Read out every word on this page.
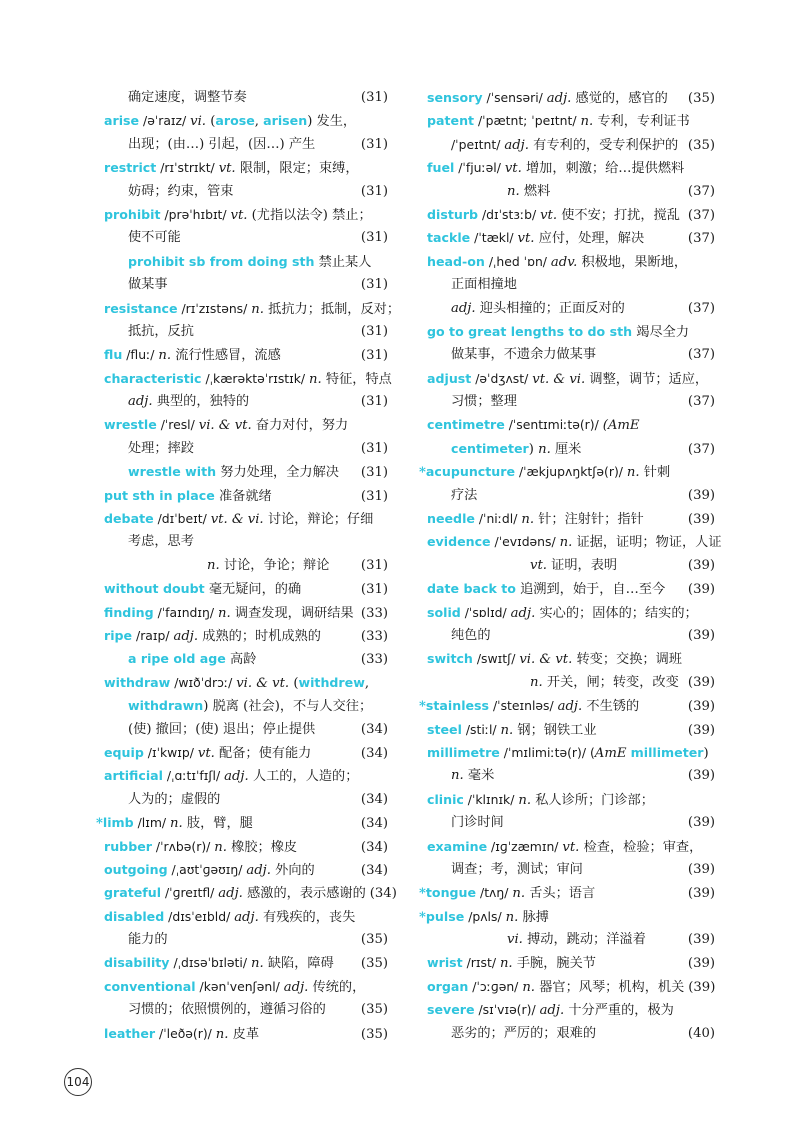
确定速度，调整节奏	(31)
arise /əˈraɪz/ vi. (arose, arisen) 发生，
出现；(由…) 引起，(因…) 产生	(31)
restrict /rɪˈstrɪkt/ vt. 限制，限定；束缚，
妨碍；约束，管束	(31)
prohibit /prəˈhɪbɪt/ vt. (尤指以法令) 禁止；
使不可能	(31)
prohibit sb from doing sth 禁止某人
做某事	(31)
resistance /rɪˈzɪstəns/ n. 抵抗力；抵制，反对；
抵抗，反抗	(31)
flu /fluː/ n. 流行性感冒，流感	(31)
characteristic /ˌkærəktəˈrɪstɪk/ n. 特征，特点
adj. 典型的，独特的	(31)
wrestle /ˈresl/ vi. & vt. 奋力对付，努力
处理；摔跤	(31)
wrestle with 努力处理，全力解决	(31)
put sth in place 准备就绪	(31)
debate /dɪˈbeɪt/ vt. & vi. 讨论，辩论；仔细
考虑，思考
n. 讨论，争论；辩论	(31)
without doubt 毫无疑问，的确	(31)
finding /ˈfaɪndɪŋ/ n. 调查发现，调研结果 (33)
ripe /raɪp/ adj. 成熟的；时机成熟的	(33)
a ripe old age 高龄	(33)
withdraw /wɪðˈdrɔː/ vi. & vt. (withdrew,
withdrawn) 脱离 (社会)，不与人交往；
(使) 撤回；(使) 退出；停止提供	(34)
equip /ɪˈkwɪp/ vt. 配备；使有能力	(34)
artificial /ˌɑːtɪˈfɪʃl/ adj. 人工的，人造的；
人为的；虚假的	(34)
*limb /lɪm/ n. 肢，臂，腿	(34)
rubber /ˈrʌbə(r)/ n. 橡胶；橡皮	(34)
outgoing /ˌaʊtˈɡəʊɪŋ/ adj. 外向的	(34)
grateful /ˈɡreɪtfl/ adj. 感激的，表示感谢的 (34)
disabled /dɪsˈeɪbld/ adj. 有残疾的，丧失
能力的	(35)
disability /ˌdɪsəˈbɪləti/ n. 缺陷，障碍	(35)
conventional /kənˈvenʃənl/ adj. 传统的，
习惯的；依照惯例的，遵循习俗的	(35)
leather /ˈleðə(r)/ n. 皮革	(35)
sensory /ˈsensəri/ adj. 感觉的，感官的	(35)
patent /ˈpætnt; ˈpeɪtnt/ n. 专利，专利证书
/ˈpeɪtnt/ adj. 有专利的，受专利保护的 (35)
fuel /ˈfjuːəl/ vt. 增加，刺激；给…提供燃料
n. 燃料	(37)
disturb /dɪˈstɜːb/ vt. 使不安；打扰，搅乱 (37)
tackle /ˈtækl/ vt. 应付，处理，解决	(37)
head-on /ˌhed ˈɒn/ adv. 积极地，果断地，
正面相撞地
adj. 迎头相撞的；正面反对的	(37)
go to great lengths to do sth 竭尽全力
做某事，不遗余力做某事	(37)
adjust /əˈdʒʌst/ vt. & vi. 调整，调节；适应，
习惯；整理	(37)
centimetre /ˈsentɪmiːtə(r)/ (AmE
centimeter) n. 厘米	(37)
*acupuncture /ˈækjupʌŋktʃə(r)/ n. 针刺
疗法	(39)
needle /ˈniːdl/ n. 针；注射针；指针	(39)
evidence /ˈevɪdəns/ n. 证据，证明；物证，人证
vt. 证明，表明	(39)
date back to 追溯到，始于，自…至今	(39)
solid /ˈsɒlɪd/ adj. 实心的；固体的；结实的；
纯色的	(39)
switch /swɪtʃ/ vi. & vt. 转变；交换；调班
n. 开关，闸；转变，改变 (39)
*stainless /ˈsteɪnləs/ adj. 不生锈的	(39)
steel /stiːl/ n. 钢；钢铁工业	(39)
millimetre /ˈmɪlimiːtə(r)/ (AmE millimeter)
n. 毫米	(39)
clinic /ˈklɪnɪk/ n. 私人诊所；门诊部；
门诊时间	(39)
examine /ɪɡˈzæmɪn/ vt. 检查，检验；审查，
调查；考，测试；审问	(39)
*tongue /tʌŋ/ n. 舌头；语言	(39)
*pulse /pʌls/ n. 脉搏
vi. 搏动，跳动；洋溢着	(39)
wrist /rɪst/ n. 手腕，腕关节	(39)
organ /ˈɔːɡən/ n. 器官；风琴；机构，机关 (39)
severe /sɪˈvɪə(r)/ adj. 十分严重的，极为
恶劣的；严厉的；艰难的	(40)
104
